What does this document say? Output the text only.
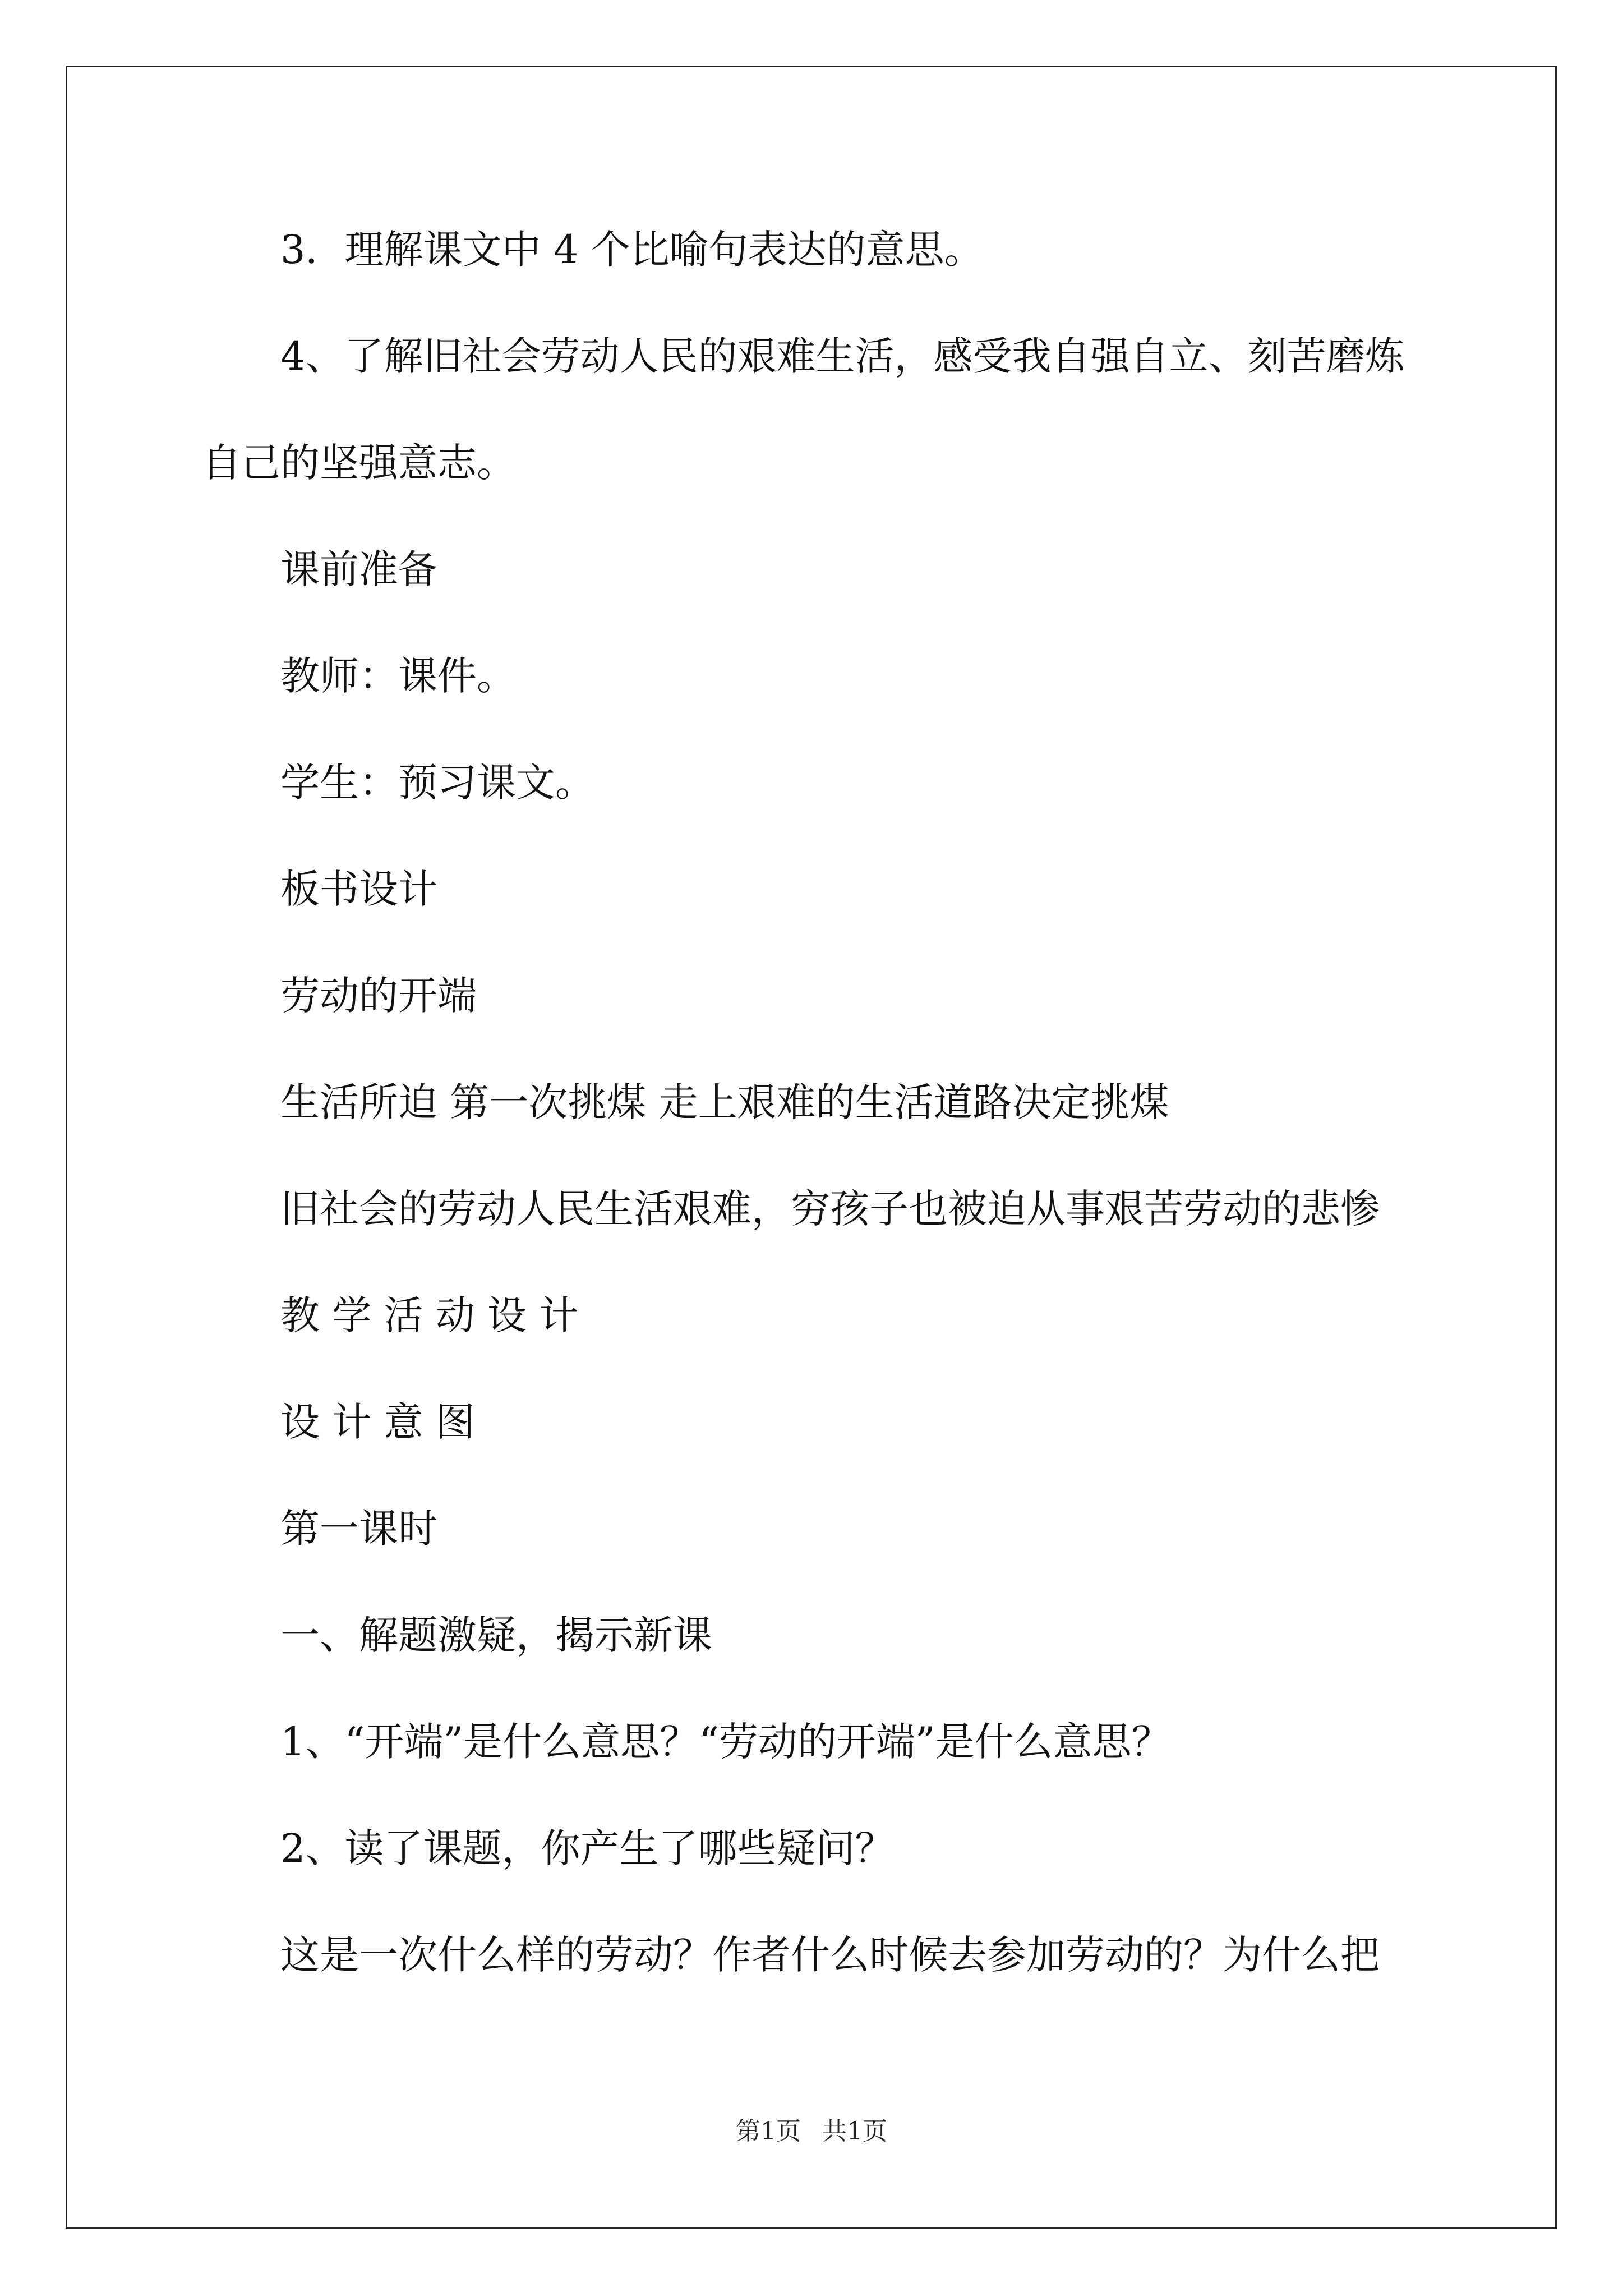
3．理解课文中 4 个比喻句表达的意思。
4、了解旧社会劳动人民的艰难生活，感受我自强自立、刻苦磨炼
自己的坚强意志。
课前准备
教师：课件。
学生：预习课文。
板书设计
劳动的开端
生活所迫 第一次挑煤 走上艰难的生活道路决定挑煤
旧社会的劳动人民生活艰难，穷孩子也被迫从事艰苦劳动的悲惨
教 学 活 动 设 计
设 计 意 图
第一课时
一、解题激疑，揭示新课
1、“开端”是什么意思？“劳动的开端”是什么意思？
2、读了课题，你产生了哪些疑问？
这是一次什么样的劳动？作者什么时候去参加劳动的？为什么把
第1页 共1页
